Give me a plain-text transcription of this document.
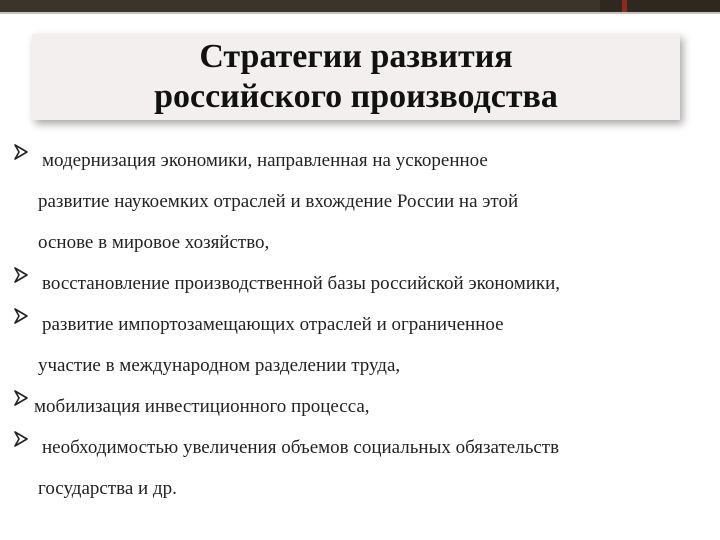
Стратегии развития
российского производства
модернизация экономики, направленная на ускоренное
развитие наукоемких отраслей и вхождение России на этой
основе в мировое хозяйство,
восстановление производственной базы российской экономики,
развитие импортозамещающих отраслей и ограниченное
участие в международном разделении труда,
мобилизация инвестиционного процесса,
необходимостью увеличения объемов социальных обязательств
государства и др.
